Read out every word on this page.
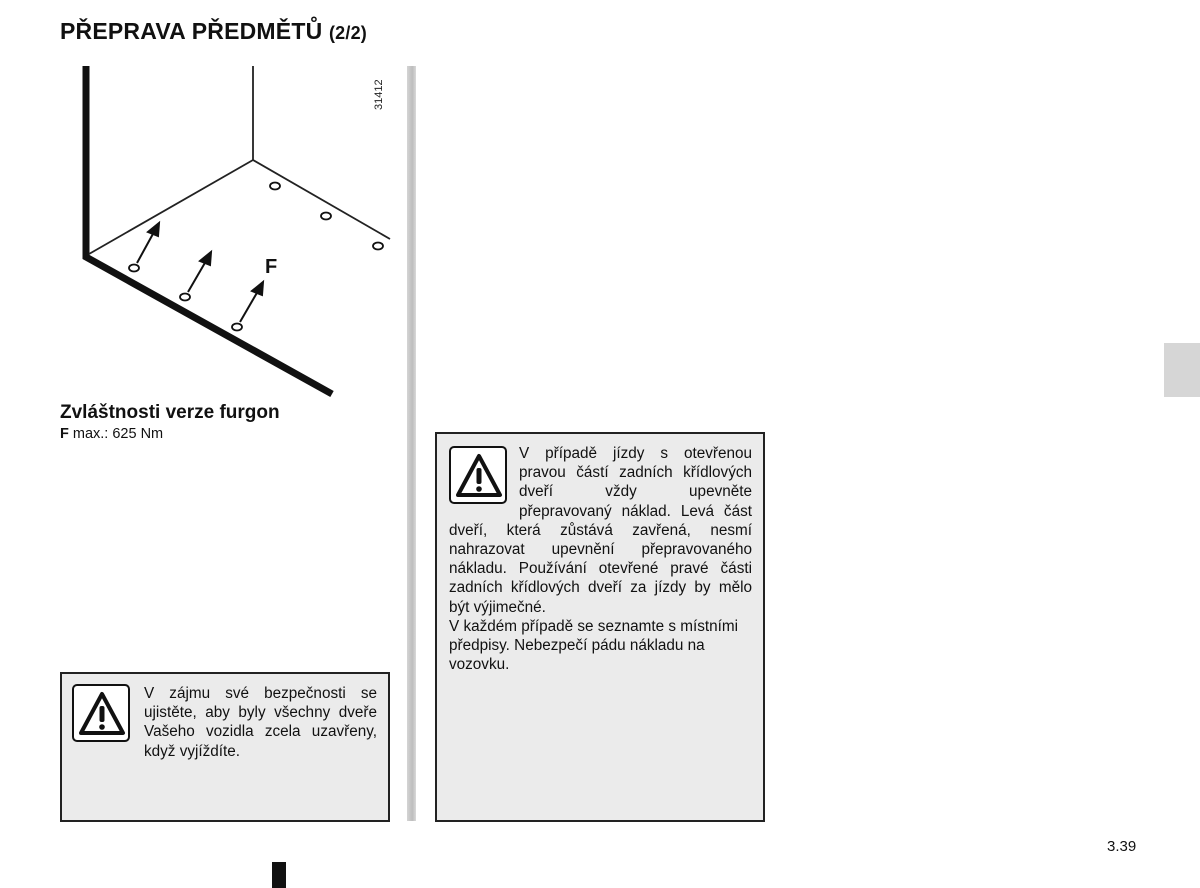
PŘEPRAVA PŘEDMĚTŮ (2/2)
F
31412
Zvláštnosti verze furgon
F max.: 625 Nm
V zájmu své bezpečnosti se ujistěte, aby byly všechny dveře Vašeho vozidla zcela uzavřeny, když vyjíždíte.
V případě jízdy s otevřenou pravou částí zadních křídlových dveří vždy upevněte přepravovaný náklad. Levá část dveří, která zůstává zavřená, nesmí nahrazovat upevnění přepravovaného nákladu. Používání otevřené pravé části zadních křídlových dveří za jízdy by mělo být výjimečné.
V každém případě se seznamte s místními předpisy. Nebezpečí pádu nákladu na vozovku.
3.39
